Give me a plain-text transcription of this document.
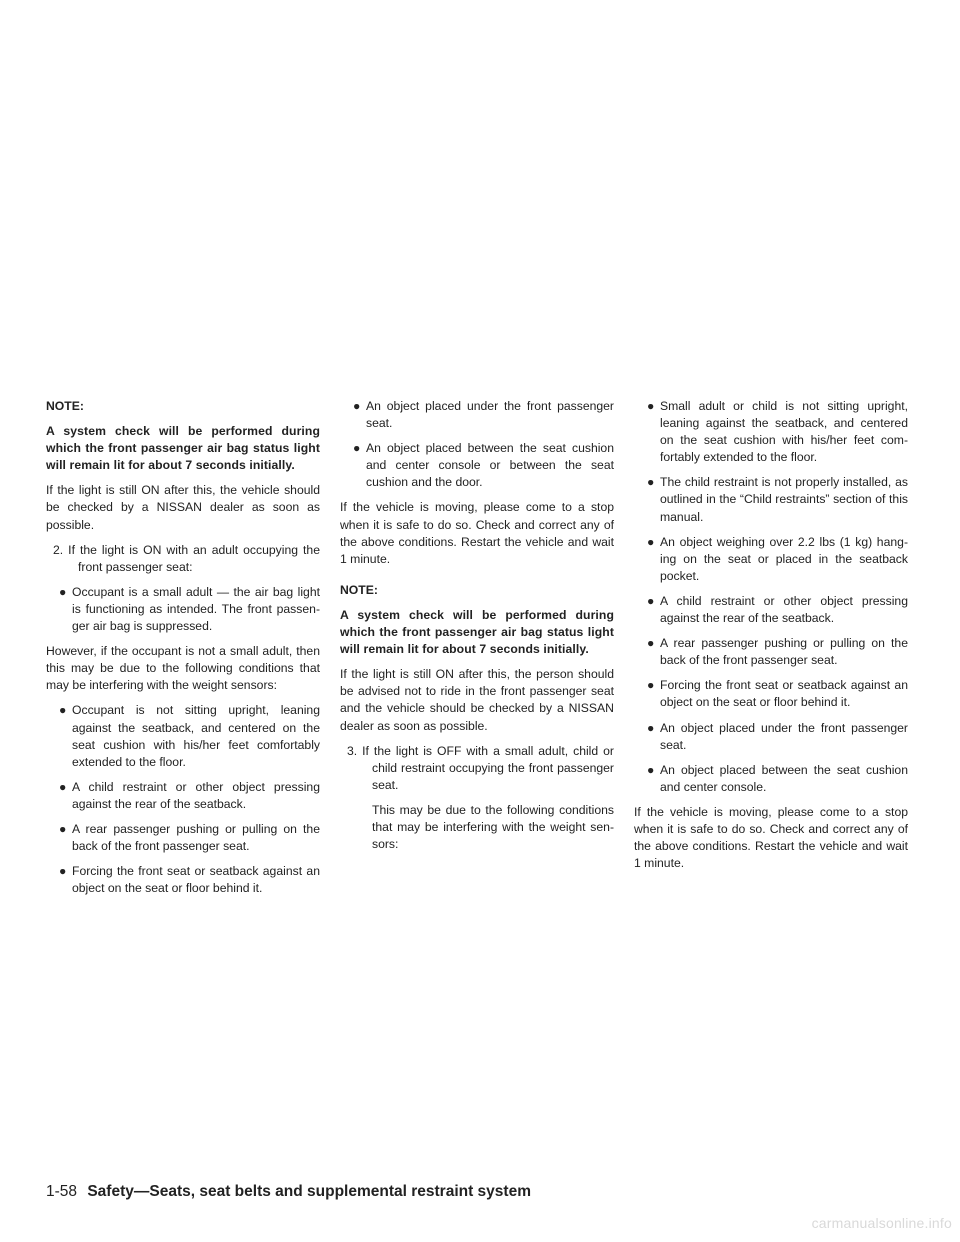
NOTE:

A system check will be performed during which the front passenger air bag status light will remain lit for about 7 seconds initially.

If the light is still ON after this, the vehicle should be checked by a NISSAN dealer as soon as possible.

2. If the light is ON with an adult occupying the front passenger seat:

● Occupant is a small adult — the air bag light is functioning as intended. The front passenger air bag is suppressed.

However, if the occupant is not a small adult, then this may be due to the following conditions that may be interfering with the weight sensors:

● Occupant is not sitting upright, leaning against the seatback, and centered on the seat cushion with his/her feet comfortably extended to the floor.
● A child restraint or other object pressing against the rear of the seatback.
● A rear passenger pushing or pulling on the back of the front passenger seat.
● Forcing the front seat or seatback against an object on the seat or floor behind it.
● An object placed under the front passenger seat.
● An object placed between the seat cushion and center console or between the seat cushion and the door.

If the vehicle is moving, please come to a stop when it is safe to do so. Check and correct any of the above conditions. Restart the vehicle and wait 1 minute.

NOTE:

A system check will be performed during which the front passenger air bag status light will remain lit for about 7 seconds initially.

If the light is still ON after this, the person should be advised not to ride in the front passenger seat and the vehicle should be checked by a NISSAN dealer as soon as possible.

3. If the light is OFF with a small adult, child or child restraint occupying the front passenger seat.

This may be due to the following conditions that may be interfering with the weight sensors:

● Small adult or child is not sitting upright, leaning against the seatback, and centered on the seat cushion with his/her feet comfortably extended to the floor.
● The child restraint is not properly installed, as outlined in the “Child restraints” section of this manual.
● An object weighing over 2.2 lbs (1 kg) hanging on the seat or placed in the seatback pocket.
● A child restraint or other object pressing against the rear of the seatback.
● A rear passenger pushing or pulling on the back of the front passenger seat.
● Forcing the front seat or seatback against an object on the seat or floor behind it.
● An object placed under the front passenger seat.
● An object placed between the seat cushion and center console.

If the vehicle is moving, please come to a stop when it is safe to do so. Check and correct any of the above conditions. Restart the vehicle and wait 1 minute.

1-58 Safety—Seats, seat belts and supplemental restraint system
carmanualsonline.info
